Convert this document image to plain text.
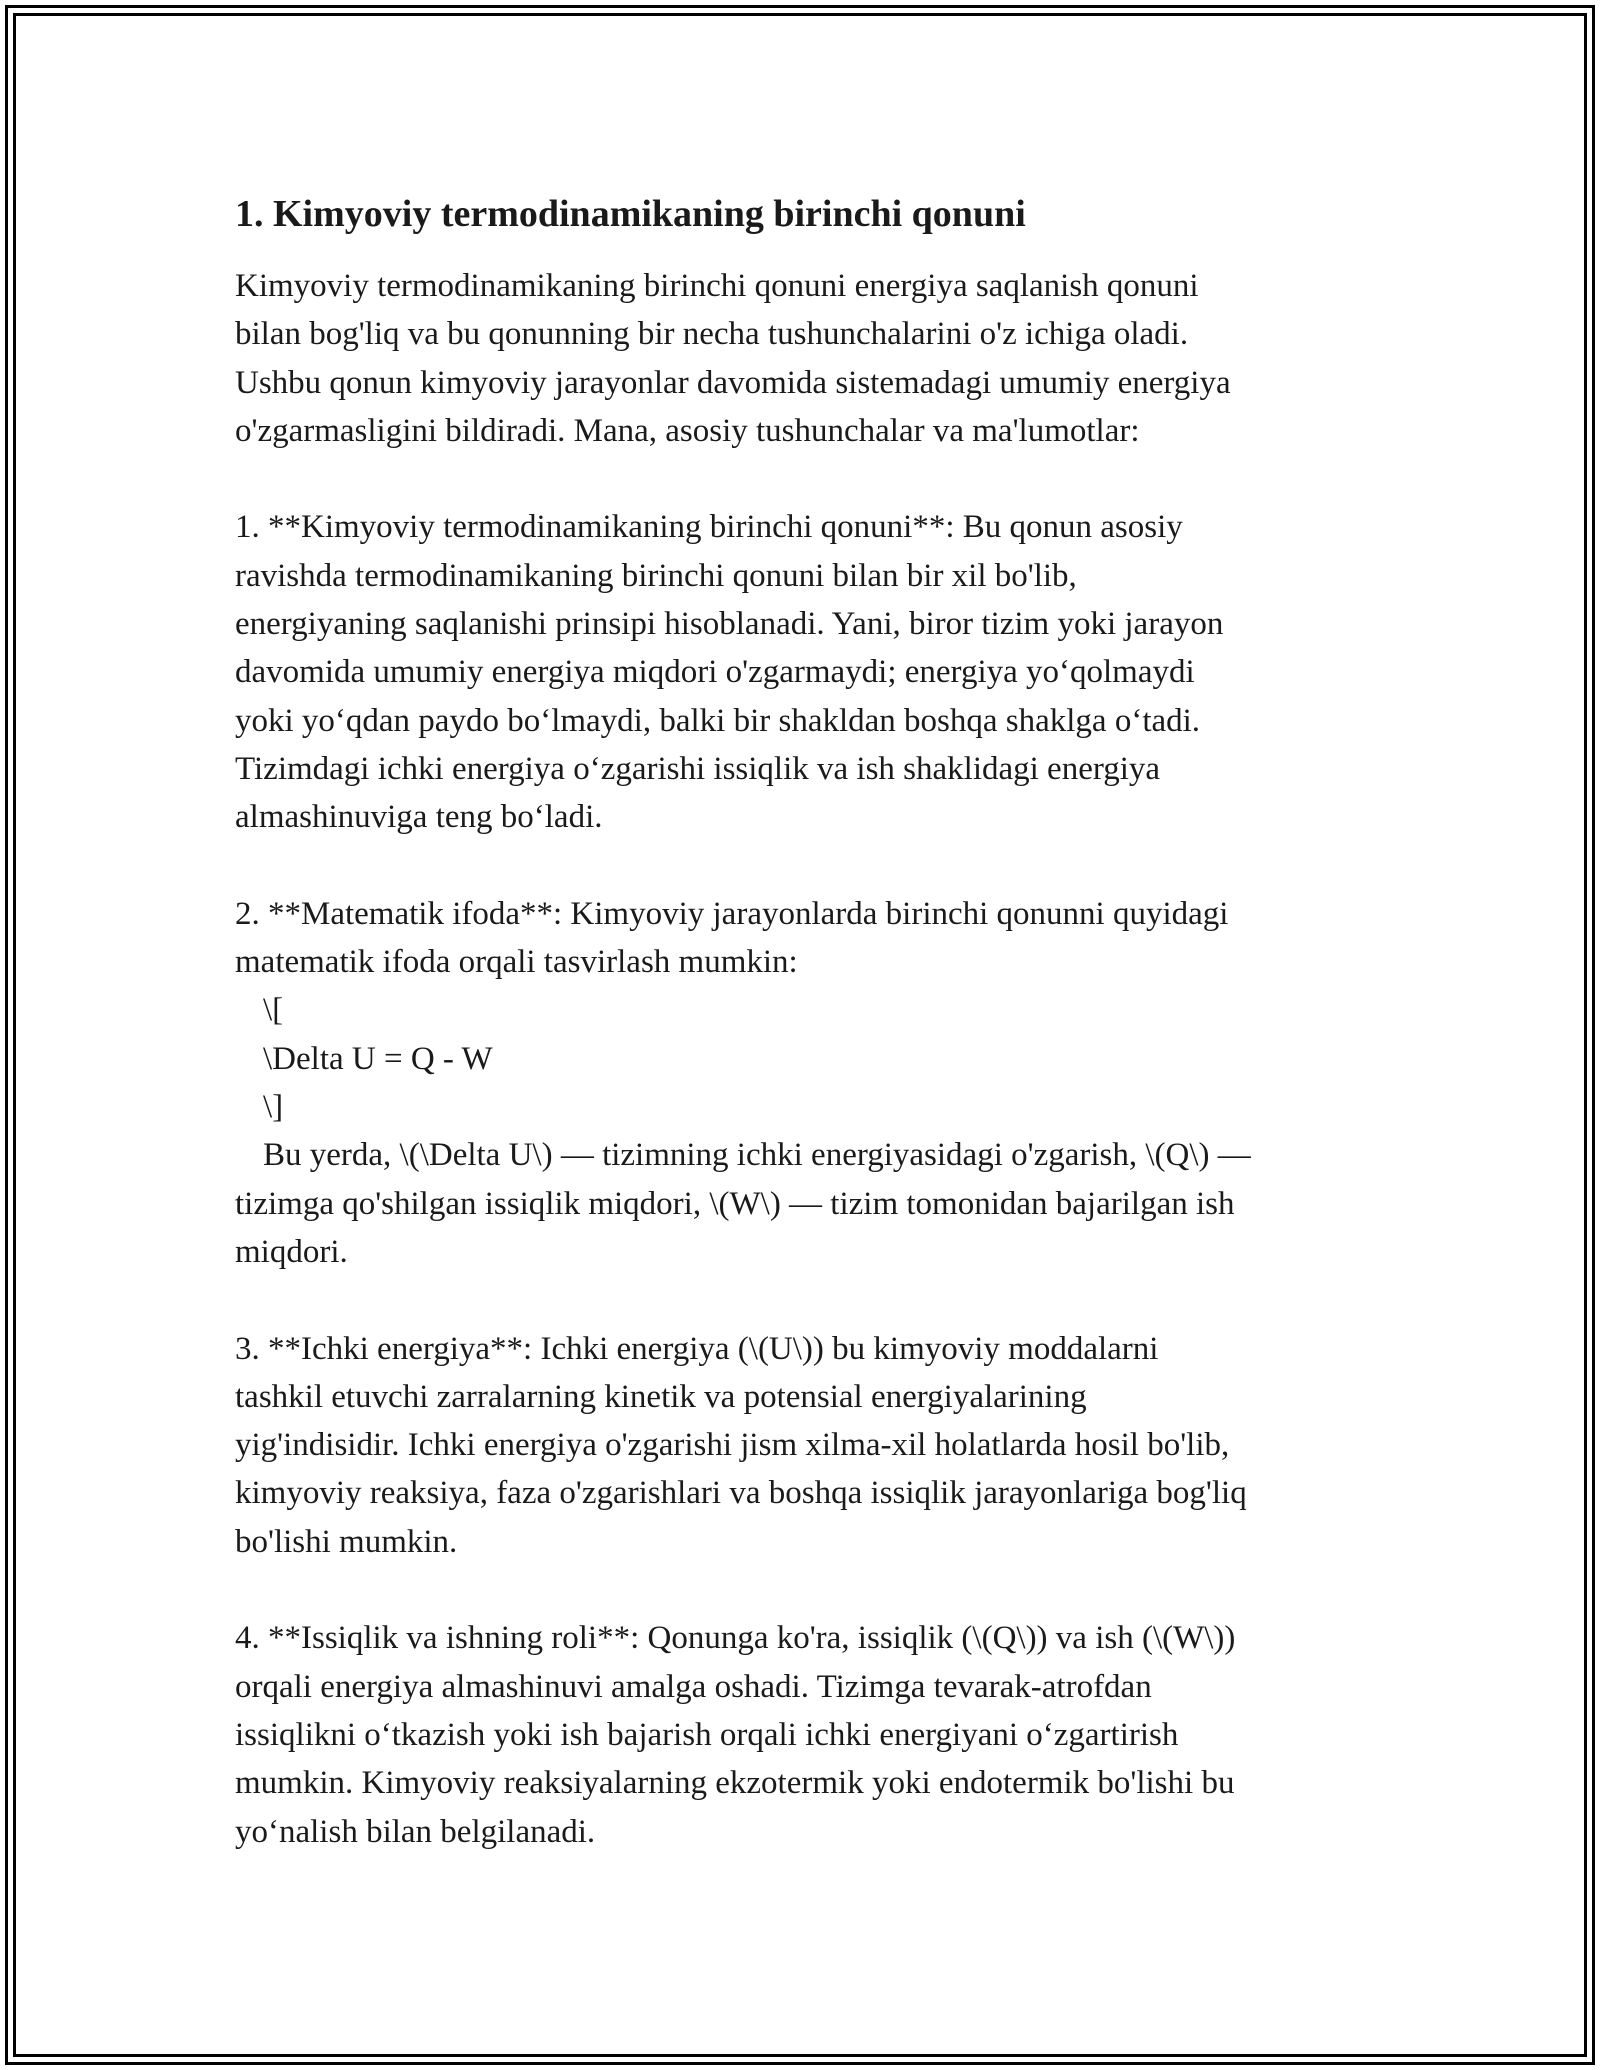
1. Kimyoviy termodinamikaning birinchi qonuni
Kimyoviy termodinamikaning birinchi qonuni energiya saqlanish qonuni
bilan bog'liq va bu qonunning bir necha tushunchalarini o'z ichiga oladi.
Ushbu qonun kimyoviy jarayonlar davomida sistemadagi umumiy energiya
o'zgarmasligini bildiradi. Mana, asosiy tushunchalar va ma'lumotlar:
1. **Kimyoviy termodinamikaning birinchi qonuni**: Bu qonun asosiy
ravishda termodinamikaning birinchi qonuni bilan bir xil bo'lib,
energiyaning saqlanishi prinsipi hisoblanadi. Yani, biror tizim yoki jarayon
davomida umumiy energiya miqdori o'zgarmaydi; energiya yo‘qolmaydi
yoki yo‘qdan paydo bo‘lmaydi, balki bir shakldan boshqa shaklga o‘tadi.
Tizimdagi ichki energiya o‘zgarishi issiqlik va ish shaklidagi energiya
almashinuviga teng bo‘ladi.
2. **Matematik ifoda**: Kimyoviy jarayonlarda birinchi qonunni quyidagi
matematik ifoda orqali tasvirlash mumkin:
\[
\Delta U = Q - W
\]
Bu yerda, \(\Delta U\) — tizimning ichki energiyasidagi o'zgarish, \(Q\) —
tizimga qo'shilgan issiqlik miqdori, \(W\) — tizim tomonidan bajarilgan ish
miqdori.
3. **Ichki energiya**: Ichki energiya (\(U\)) bu kimyoviy moddalarni
tashkil etuvchi zarralarning kinetik va potensial energiyalarining
yig'indisidir. Ichki energiya o'zgarishi jism xilma-xil holatlarda hosil bo'lib,
kimyoviy reaksiya, faza o'zgarishlari va boshqa issiqlik jarayonlariga bog'liq
bo'lishi mumkin.
4. **Issiqlik va ishning roli**: Qonunga ko'ra, issiqlik (\(Q\)) va ish (\(W\))
orqali energiya almashinuvi amalga oshadi. Tizimga tevarak-atrofdan
issiqlikni o‘tkazish yoki ish bajarish orqali ichki energiyani o‘zgartirish
mumkin. Kimyoviy reaksiyalarning ekzotermik yoki endotermik bo'lishi bu
yo‘nalish bilan belgilanadi.
